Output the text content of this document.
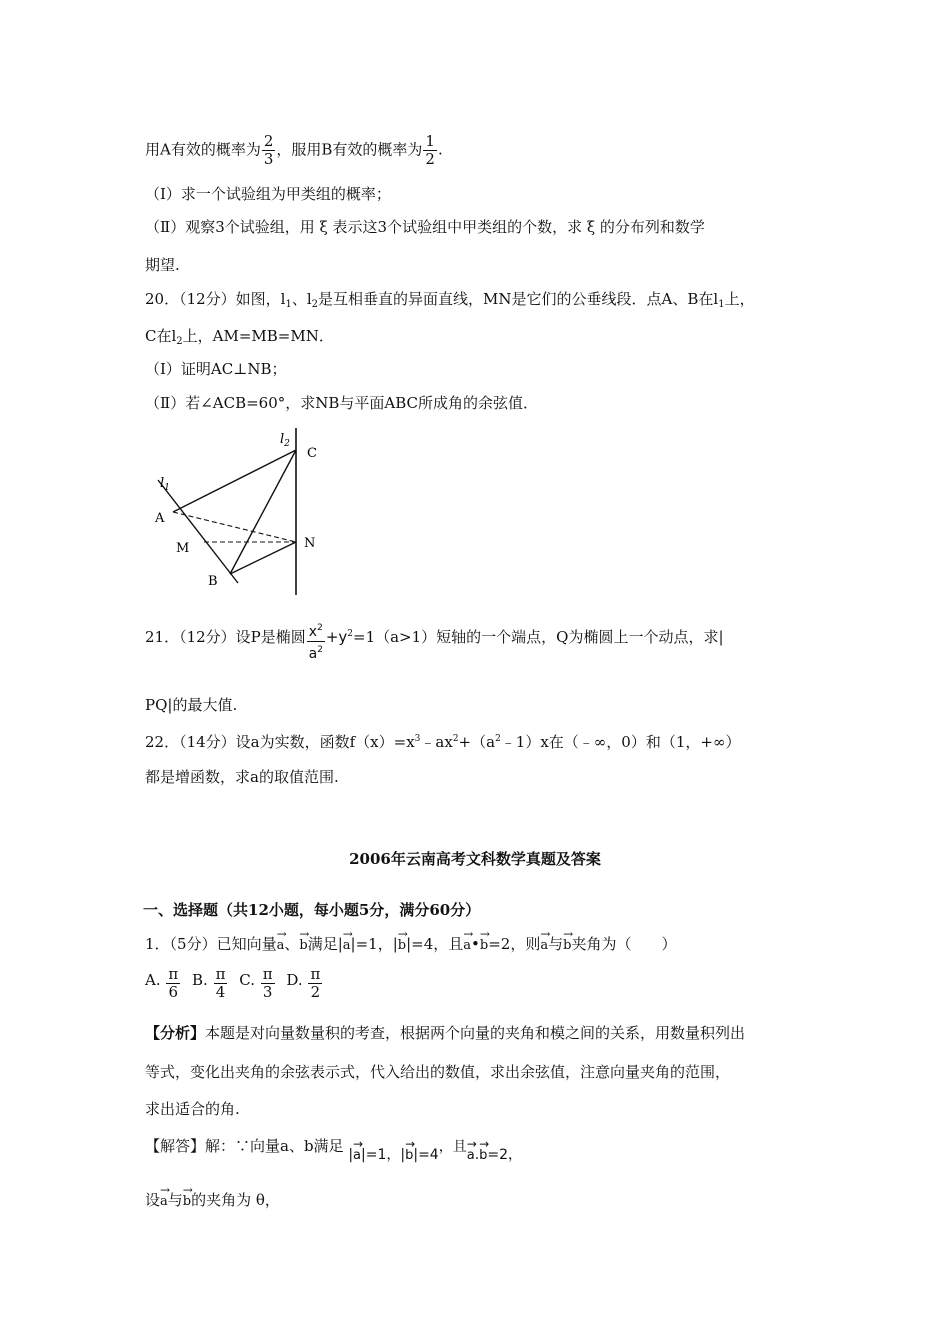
用A有效的概率为 $\frac{2}{3}$ ，服用B有效的概率为 $\frac{1}{2}$ .
（Ⅰ）求一个试验组为甲类组的概率；
（Ⅱ）观察3个试验组，用 ξ 表示这3个试验组中甲类组的个数，求 ξ 的分布列和数学
期望.
20．（12分）如图，$l_1$、$l_2$是互相垂直的异面直线，MN是它们的公垂线段．点A、B在$l_1$上，
C在$l_2$上，AM=MB=MN．
（Ⅰ）证明AC⊥NB；
（Ⅱ）若∠ACB=60°，求NB与平面ABC所成角的余弦值．
$l_2$
C
$l_1$
A
M	N
B
21．（12分）设P是椭圆 $\frac{x^2}{a^2} +y^2=1(a>1)$短轴的一个端点，Q为椭圆上一个动点，求|
PQ|的最大值.
22．（14分）设a为实数，函数$f(x)=x^3﹣ax^2+(a^2﹣1)x$在（﹣∞，0）和（1，+∞）
都是增函数，求a的取值范围.
2006年云南高考文科数学真题及答案
一、选择题（共12小题，每小题5分，满分60分）
1．（5分）已知向量→ a、→ b满足|→ a|=1，|→ b|=4，且→ a•→ b=2，则→ a与→ b夹角为（　　）
A. $\frac{\pi}{6} B$. $\frac{\pi}{4} C$. $\frac{\pi}{3} D$. $\frac{\pi}{2}$
【分析】本题是对向量数量积的考查，根据两个向量的夹角和模之间的关系，用数量积列出
等式，变化出夹角的余弦表示式，代入给出的数值，求出余弦值，注意向量夹角的范围，
求出适合的角.
【解答】解：∵向量a、b满足 |→ a|=1，|→ b|=4，且→ a.→ b=2，
设→ a与→ b的夹角为 θ，
